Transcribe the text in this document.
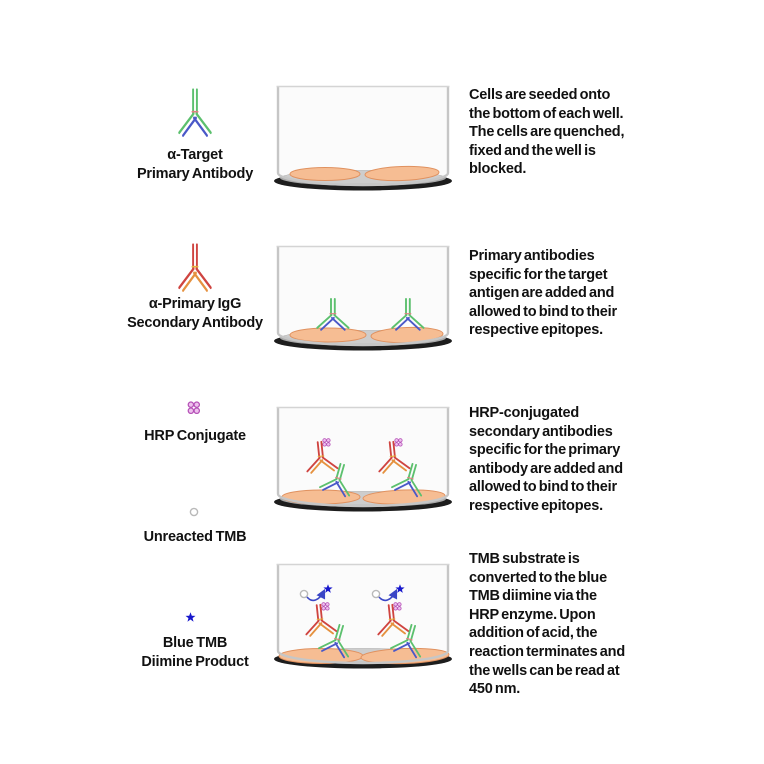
α-Target
Primary Antibody
α-Primary IgG
Secondary Antibody
HRP Conjugate
Unreacted TMB
Blue TMB
Diimine Product
Cells are seeded onto
the bottom of each well.
The cells are quenched,
fixed and the well is
blocked.
Primary antibodies
specific for the target
antigen are added and
allowed to bind to their
respective epitopes.
HRP-conjugated
secondary antibodies
specific for the primary
antibody are added and
allowed to bind to their
respective epitopes.
TMB substrate is
converted to the blue
TMB diimine via the
HRP enzyme. Upon
addition of acid, the
reaction terminates and
the wells can be read at
450 nm.
